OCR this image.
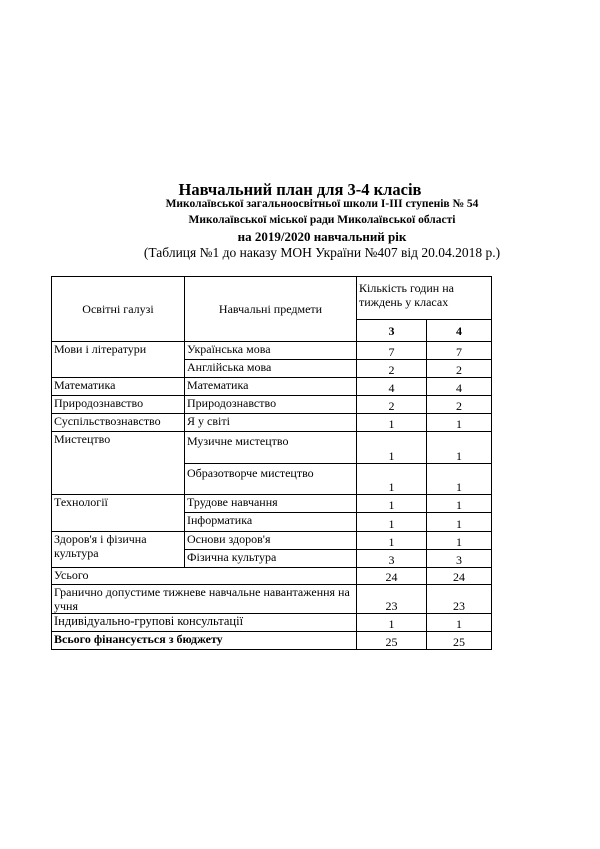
Навчальний план для 3-4 класів
Миколаївської загальноосвітньої школи І-ІІІ ступенів № 54
Миколаївської міської ради Миколаївської області
на 2019/2020 навчальний рік
(Таблиця №1 до наказу МОН України №407 від 20.04.2018 р.)
Освітні галузі	Навчальні предмети	Кількість годин на тиждень у класах	
		3	4
Мови і літератури	Українська мова	7	7
	Англійська мова	2	2
Математика	Математика	4	4
Природознавство	Природознавство	2	2
Суспільствознавство	Я у світі	1	1
Мистецтво	Музичне мистецтво	1	1
	Образотворче мистецтво	1	1
Технології	Трудове навчання	1	1
	Інформатика	1	1
Здоров'я і фізична культура	Основи здоров'я	1	1
	Фізична культура	3	3
Усього		24	24
Гранично допустиме тижневе навчальне навантаження на учня		23	23
Індивідуально-групові консультації		1	1
Всього фінансується з бюджету		25	25
